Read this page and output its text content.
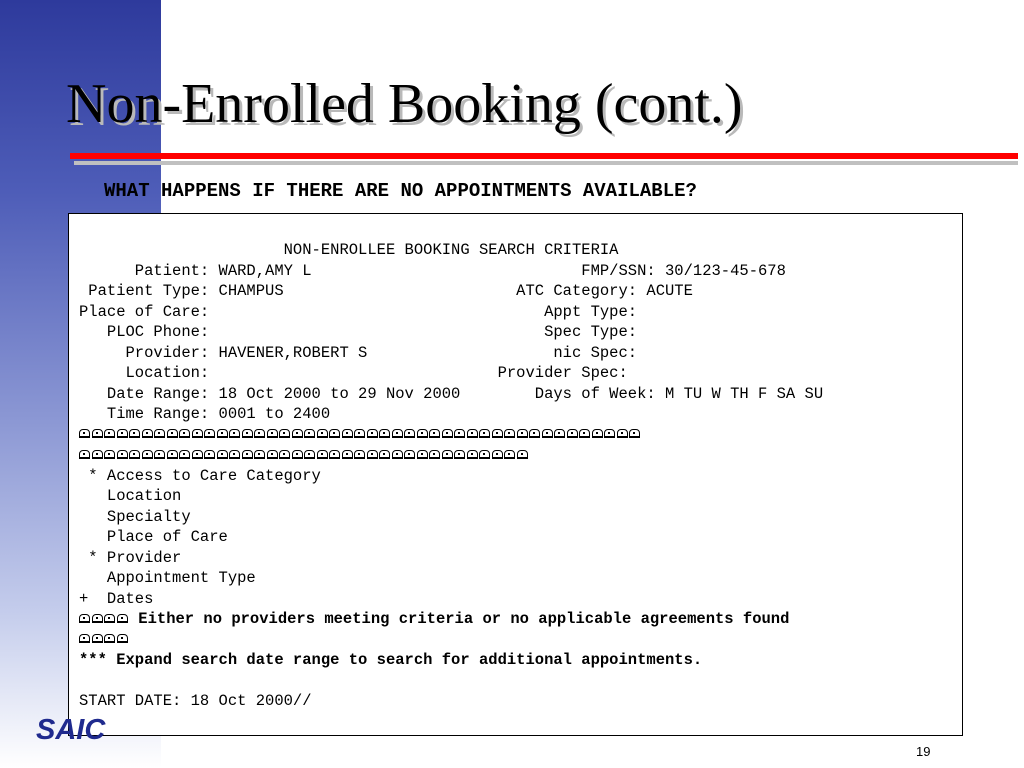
Non-Enrolled Booking (cont.)

WHAT HAPPENS IF THERE ARE NO APPOINTMENTS AVAILABLE?

NON-ENROLLEE BOOKING SEARCH CRITERIA
Patient: WARD,AMY L                             FMP/SSN: 30/123-45-678
Patient Type: CHAMPUS                         ATC Category: ACUTE
Place of Care:                                    Appt Type:
PLOC Phone:                                    Spec Type:
Provider: HAVENER,ROBERT S                    nic Spec:
Location:                               Provider Spec:
Date Range: 18 Oct 2000 to 29 Nov 2000        Days of Week: M TU W TH F SA SU
Time Range: 0001 to 2400
* Access to Care Category
Location
Specialty
Place of Care
* Provider
Appointment Type
+  Dates
Either no providers meeting criteria or no applicable agreements found
*** Expand search date range to search for additional appointments.
START DATE: 18 Oct 2000//

SAIC

19
